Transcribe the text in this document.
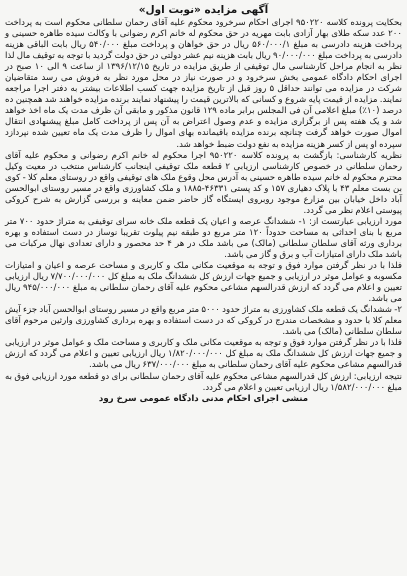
آگهی مزایده «نوبت اول»

بحکایت پرونده کلاسه ۹۵۰۲۲۰ اجرای احکام سرخرود محکوم علیه آقای رحمان سلطانی محکوم است به پرداخت ۲۰۰ عدد سکه طلای بهار آزادی بابت مهریه در حق محکوم له خانم اکرم رضوانی با وکالت سیده طاهره حسینی و پرداخت هزینه دادرسی به مبلغ ۵۶۰/۰۰۰/۱ ریال در حق خواهان و پرداخت مبلغ ۵۴۰/۰۰۰ ریال بابت الباقی هزینه دادرسی به پرداخت مبلغ ۹۰/۰۰۰/۰۰۰ ریال بابت هزینه نیم عشر دولتی در حق دولت گردید با توجه به توقیف مال لذا نظر به انجام مراحل کارشناسی مال توقیفی از طریق مزایده در تاریخ ۱۳۹۶/۱۲/۱۵ از ساعت ۹ الی ۱۰ صبح در اجرای احکام دادگاه عمومی بخش سرخرود و در صورت نیاز در محل مورد نظر به فروش می رسد متقاضیان شرکت در مزایده می توانند حداقل ۵ روز قبل از تاریخ مزایده جهت کسب اطلاعات بیشتر به دفتر اجرا مراجعه نمایند. مزایده از قیمت پایه شروع و کسانی که بالاترین قیمت را پیشنهاد نمایند برنده مزایده خواهند شد همچنین ده درصد (۱۰٪) مبلغ اعلامی آن فی المجلس برابر ماده ۱۲۹ قانون مذکور و مابقی آن ظرف مدت یک ماه اخذ خواهد شد و یک هفته پس از برگزاری مزایده و عدم وصول اعتراض به آن پس از پرداخت کامل مبلغ پیشنهادی انتقال اموال صورت خواهد گرفت چنانچه برنده مزایده باقیمانده بهای اموال را ظرف مدت یک ماه تعیین شده نپردازد سپرده او پس از کسر هزینه مزایده به نفع دولت ضبط خواهد شد.

نظریه کارشناسی: بازگشت به پرونده کلاسه ۹۵۰۲۲۰ اجرا محکوم له خانم اکرم رضوانی و محکوم علیه آقای رحمان سلطانی در خصوص کارشناسی ارزیابی ۲ قطعه ملک توقیفی اینجانب کارشناس منتخب در معیت وکیل محترم محکوم له خانم سیده طاهره حسینی به آدرس محل وقوع ملک های توقیفی واقع در روستای معلم کلا - کوی بن بست معلم ۴۳ با پلاک دهیاری ۱۵۷ و کد پستی ۴۶۳۳۱-۱۸۸۵ و ملک کشاورزی واقع در مسیر روستای ابوالحسن آباد داخل خیابان بین مزارع موجود روبروی ایستگاه گاز حاضر ضمن معاینه و بررسی گزارش به شرح کروکی پیوستی اعلام نظر می گردد.

مورد ارزیابی عبارتست از: ۱- ششدانگ عرصه و اعیان یک قطعه ملک خانه سرای توقیفی به متراژ حدود ۷۰۰ متر مربع با بنای احداثی به مساحت حدوداً ۱۲۰ متر مربع دو طبقه نیم پیلوت تقریبا نوساز در دست استفاده و بهره برداری ورثه آقای سلطان سلطانی (مالک) می باشد ملک در هر ۴ حد محصور و دارای تعدادی نهال مرکبات می باشد ملک دارای امتیازات آب و برق و گاز می باشد.

فلذا با در نظر گرفتن موارد فوق و توجه به موقعیت مکانی ملک و کاربری و مساحت عرصه و اعیان و امتیازات مکسوبه و عوامل موثر در ارزیابی و جمیع جهات ارزش کل ششدانگ ملک به مبلغ کل ۷/۷۰۰/۰۰۰/۰۰۰ ریال ارزیابی تعیین و اعلام می گردد که ارزش قدرالسهم مشاعی محکوم علیه آقای رحمان سلطانی به مبلغ ۹۴۵/۰۰۰/۰۰۰ ریال می باشد.

۲- ششدانگ یک قطعه ملک کشاورزی به متراژ حدود ۵۰۰۰ متر مربع واقع در مسیر روستای ابوالحسن آباد جزء آیش معلم کلا با حدود و مشخصات مندرج در کروکی که در دست استفاده و بهره برداری کشاورزی وارثین مرحوم آقای سلطان سلطانی (مالک) می باشد.

فلذا با در نظر گرفتن موارد فوق و توجه به موقعیت مکانی ملک و کاربری و مساحت ملک و عوامل موثر در ارزیابی و جمیع جهات ارزش کل ششدانگ ملک به مبلغ کل ۱/۸۲۰/۰۰۰/۰۰۰ ریال ارزیابی تعیین و اعلام می گردد که ارزش قدرالسهم مشاعی محکوم علیه آقای رحمان سلطانی به مبلغ ۶۳۷/۰۰۰/۰۰۰ ریال می باشد.

نتیجه ارزیابی: ارزش کل قدرالسهم مشاعی محکوم علیه آقای رحمان سلطانی برای دو قطعه مورد ارزیابی فوق به مبلغ ۱/۵۸۲/۰۰۰/۰۰۰ ریال ارزیابی تعیین و اعلام می گردد.

منشی اجرای احکام مدنی دادگاه عمومی سرخ رود
